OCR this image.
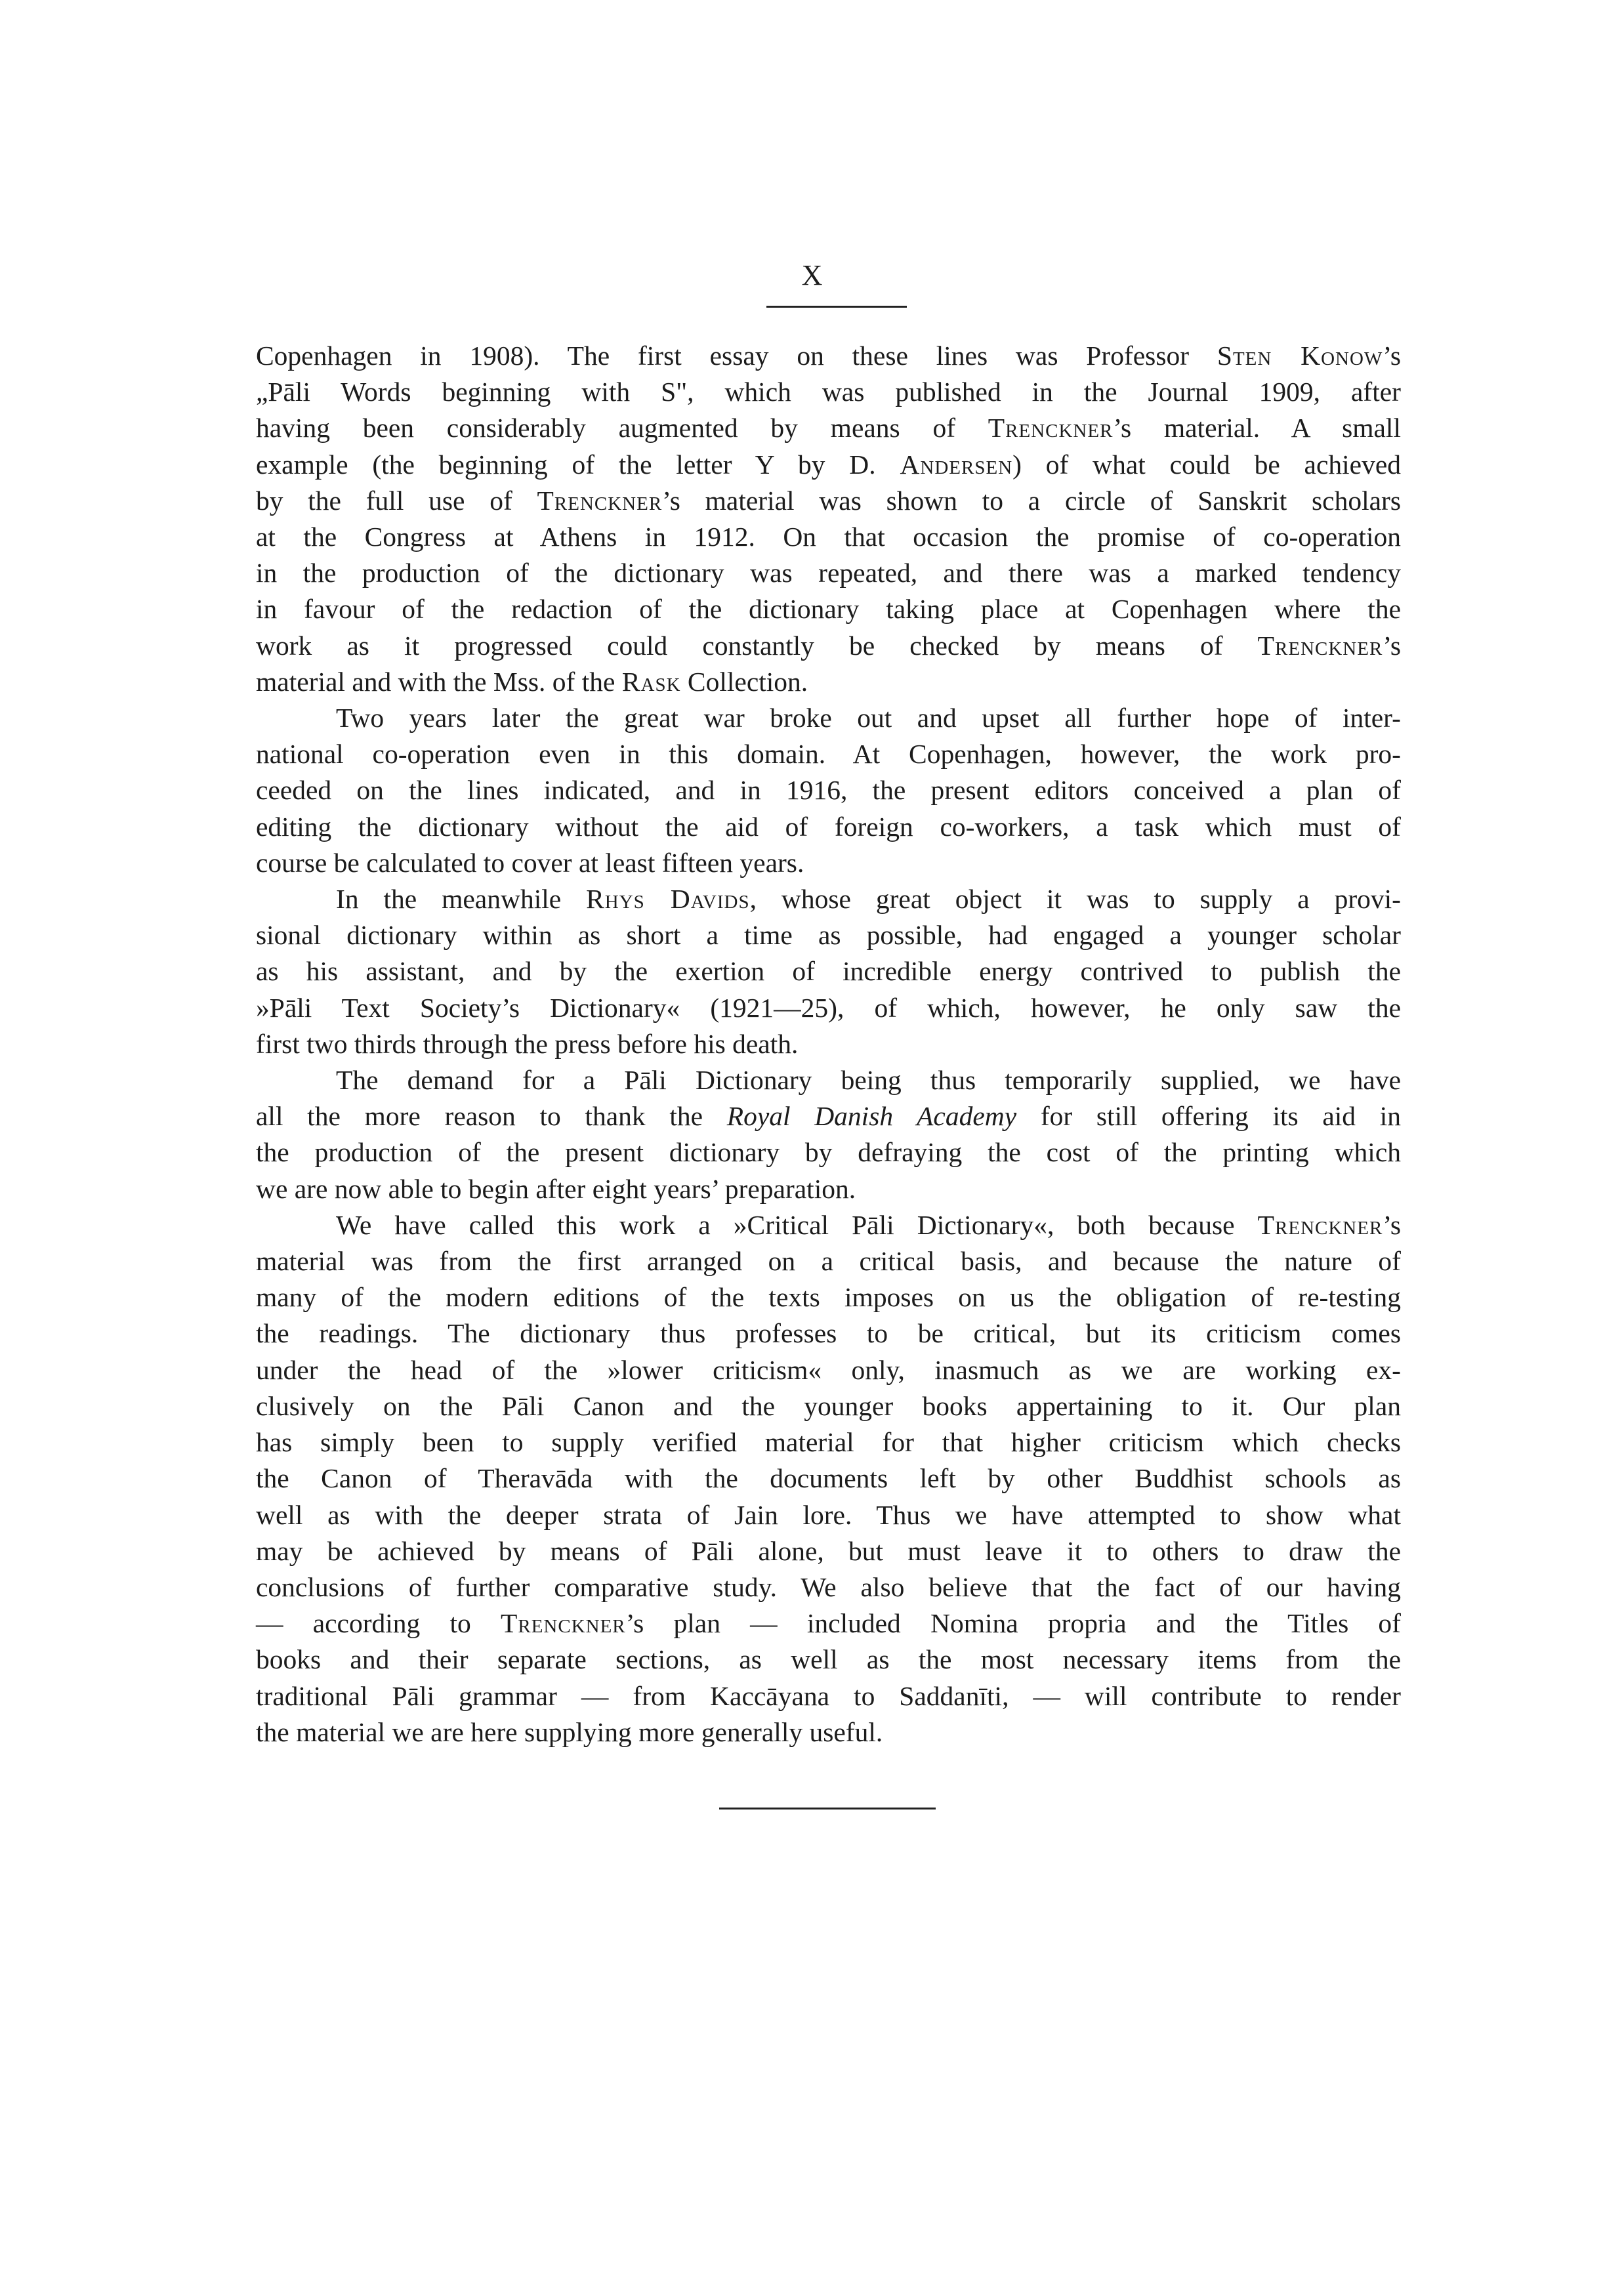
X
Copenhagen in 1908). The first essay on these lines was Professor Sten Konow’s
„Pāli Words beginning with S", which was published in the Journal 1909, after
having been considerably augmented by means of Trenckner’s material. A small
example (the beginning of the letter Y by D. Andersen) of what could be achieved
by the full use of Trenckner’s material was shown to a circle of Sanskrit scholars
at the Congress at Athens in 1912. On that occasion the promise of co-operation
in the production of the dictionary was repeated, and there was a marked tendency
in favour of the redaction of the dictionary taking place at Copenhagen where the
work as it progressed could constantly be checked by means of Trenckner’s
material and with the Mss. of the Rask Collection.
Two years later the great war broke out and upset all further hope of inter-
national co-operation even in this domain. At Copenhagen, however, the work pro-
ceeded on the lines indicated, and in 1916, the present editors conceived a plan of
editing the dictionary without the aid of foreign co-workers, a task which must of
course be calculated to cover at least fifteen years.
In the meanwhile Rhys Davids, whose great object it was to supply a provi-
sional dictionary within as short a time as possible, had engaged a younger scholar
as his assistant, and by the exertion of incredible energy contrived to publish the
»Pāli Text Society’s Dictionary« (1921—25), of which, however, he only saw the
first two thirds through the press before his death.
The demand for a Pāli Dictionary being thus temporarily supplied, we have
all the more reason to thank the Royal Danish Academy for still offering its aid in
the production of the present dictionary by defraying the cost of the printing which
we are now able to begin after eight years’ preparation.
We have called this work a »Critical Pāli Dictionary«, both because Trenckner’s
material was from the first arranged on a critical basis, and because the nature of
many of the modern editions of the texts imposes on us the obligation of re-testing
the readings. The dictionary thus professes to be critical, but its criticism comes
under the head of the »lower criticism« only, inasmuch as we are working ex-
clusively on the Pāli Canon and the younger books appertaining to it. Our plan
has simply been to supply verified material for that higher criticism which checks
the Canon of Theravāda with the documents left by other Buddhist schools as
well as with the deeper strata of Jain lore. Thus we have attempted to show what
may be achieved by means of Pāli alone, but must leave it to others to draw the
conclusions of further comparative study. We also believe that the fact of our having
— according to Trenckner’s plan — included Nomina propria and the Titles of
books and their separate sections, as well as the most necessary items from the
traditional Pāli grammar — from Kaccāyana to Saddanīti, — will contribute to render
the material we are here supplying more generally useful.
